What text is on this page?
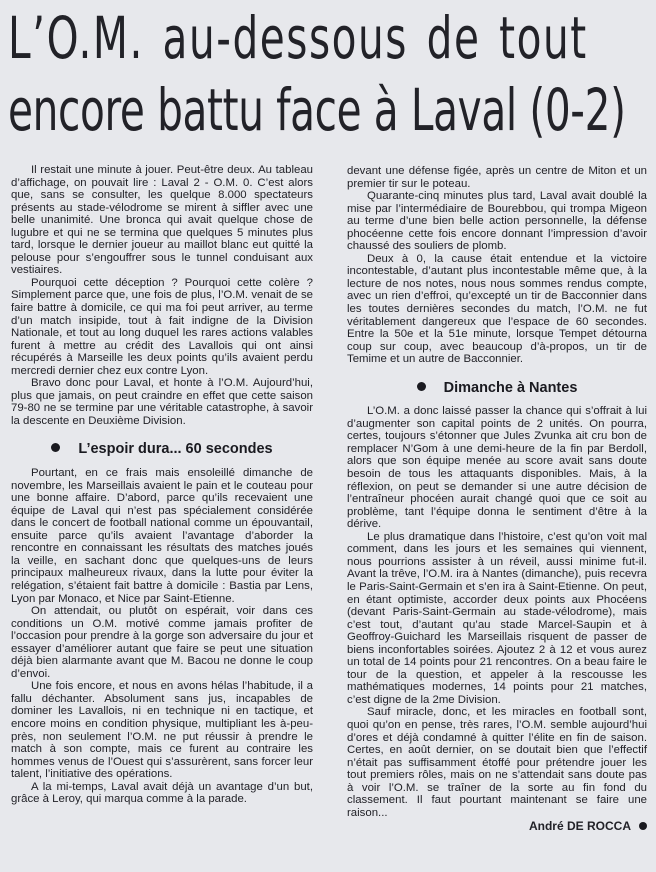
L’O.M. au-dessous de tout
encore battu face à Laval (0-2)

Il restait une minute à jouer. Peut-être deux. Au tableau d’affichage, on pouvait lire : Laval 2 - O.M. 0. C’est alors que, sans se consulter, les quelque 8.000 spectateurs présents au stade-vélodrome se mirent à siffler avec une belle unanimité. Une bronca qui avait quelque chose de lugubre et qui ne se termina que quelques 5 minutes plus tard, lorsque le dernier joueur au maillot blanc eut quitté la pelouse pour s’engouffrer sous le tunnel conduisant aux vestiaires.

Pourquoi cette déception ? Pourquoi cette colère ? Simplement parce que, une fois de plus, l’O.M. venait de se faire battre à domicile, ce qui ma foi peut arriver, au terme d’un match insipide, tout à fait indigne de la Division Nationale, et tout au long duquel les rares actions valables furent à mettre au crédit des Lavallois qui ont ainsi récupérés à Marseille les deux points qu’ils avaient perdu mercredi dernier chez eux contre Lyon.

Bravo donc pour Laval, et honte à l’O.M. Aujourd’hui, plus que jamais, on peut craindre en effet que cette saison 79-80 ne se termine par une véritable catastrophe, à savoir la descente en Deuxième Division.

L’espoir dura... 60 secondes

Pourtant, en ce frais mais ensoleillé dimanche de novembre, les Marseillais avaient le pain et le couteau pour une bonne affaire. D’abord, parce qu’ils recevaient une équipe de Laval qui n’est pas spécialement considérée dans le concert de football national comme un épouvantail, ensuite parce qu’ils avaient l’avantage d’aborder la rencontre en connaissant les résultats des matches joués la veille, en sachant donc que quelques-uns de leurs principaux malheureux rivaux, dans la lutte pour éviter la relégation, s’étaient fait battre à domicile : Bastia par Lens, Lyon par Monaco, et Nice par Saint-Etienne.

On attendait, ou plutôt on espérait, voir dans ces conditions un O.M. motivé comme jamais profiter de l’occasion pour prendre à la gorge son adversaire du jour et essayer d’améliorer autant que faire se peut une situation déjà bien alarmante avant que M. Bacou ne donne le coup d’envoi.

Une fois encore, et nous en avons hélas l’habitude, il a fallu déchanter. Absolument sans jus, incapables de dominer les Lavallois, ni en technique ni en tactique, et encore moins en condition physique, multipliant les à-peu-près, non seulement l’O.M. ne put réussir à prendre le match à son compte, mais ce furent au contraire les hommes venus de l’Ouest qui s’assurèrent, sans forcer leur talent, l’initiative des opérations.

A la mi-temps, Laval avait déjà un avantage d’un but, grâce à Leroy, qui marqua comme à la parade.

devant une défense figée, après un centre de Miton et un premier tir sur le poteau.

Quarante-cinq minutes plus tard, Laval avait doublé la mise par l’intermédiaire de Bourebbou, qui trompa Migeon au terme d’une bien belle action personnelle, la défense phocéenne cette fois encore donnant l’impression d’avoir chaussé des souliers de plomb.

Deux à 0, la cause était entendue et la victoire incontestable, d’autant plus incontestable même que, à la lecture de nos notes, nous nous sommes rendus compte, avec un rien d’effroi, qu’excepté un tir de Bacconnier dans les toutes dernières secondes du match, l’O.M. ne fut véritablement dangereux que l’espace de 60 secondes. Entre la 50e et la 51e minute, lorsque Tempet détourna coup sur coup, avec beaucoup d’à-propos, un tir de Temime et un autre de Bacconnier.

Dimanche à Nantes

L’O.M. a donc laissé passer la chance qui s’offrait à lui d’augmenter son capital points de 2 unités. On pourra, certes, toujours s’étonner que Jules Zvunka ait cru bon de remplacer N’Gom à une demi-heure de la fin par Berdoll, alors que son équipe menée au score avait sans doute besoin de tous les attaquants disponibles. Mais, à la réflexion, on peut se demander si une autre décision de l’entraîneur phocéen aurait changé quoi que ce soit au problème, tant l’équipe donna le sentiment d’être à la dérive.

Le plus dramatique dans l’histoire, c’est qu’on voit mal comment, dans les jours et les semaines qui viennent, nous pourrions assister à un réveil, aussi minime fut-il. Avant la trêve, l’O.M. ira à Nantes (dimanche), puis recevra le Paris-Saint-Germain et s’en ira à Saint-Etienne. On peut, en étant optimiste, accorder deux points aux Phocéens (devant Paris-Saint-Germain au stade-vélodrome), mais c’est tout, d’autant qu’au stade Marcel-Saupin et à Geoffroy-Guichard les Marseillais risquent de passer de biens inconfortables soirées. Ajoutez 2 à 12 et vous aurez un total de 14 points pour 21 rencontres. On a beau faire le tour de la question, et appeler à la rescousse les mathématiques modernes, 14 points pour 21 matches, c’est digne de la 2me Division.

Sauf miracle, donc, et les miracles en football sont, quoi qu’on en pense, très rares, l’O.M. semble aujourd’hui d’ores et déjà condamné à quitter l’élite en fin de saison. Certes, en août dernier, on se doutait bien que l’effectif n’était pas suffisamment étoffé pour prétendre jouer les tout premiers rôles, mais on ne s’attendait sans doute pas à voir l’O.M. se traîner de la sorte au fin fond du classement. Il faut pourtant maintenant se faire une raison...

André DE ROCCA
